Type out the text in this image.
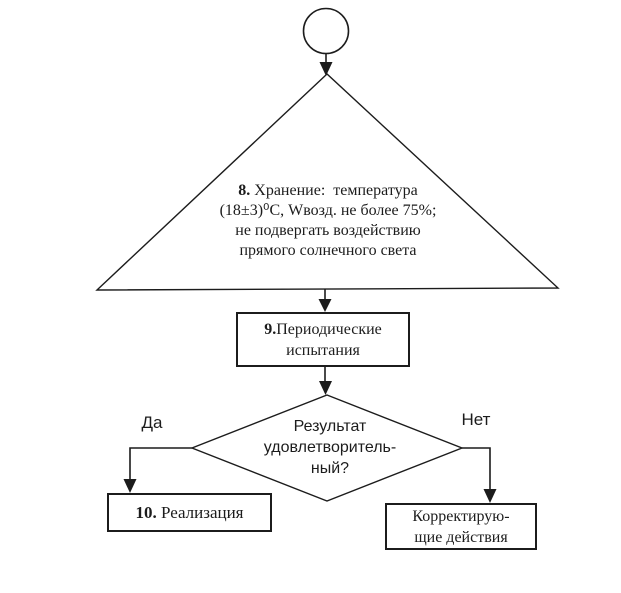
8. Хранение:  температура
(18±3)⁰С, Wвозд. не более 75%;
не подвергать воздействию
прямого солнечного света
9.Периодические
испытания
Результат
удовлетворитель-
ный?
Да	Нет
10. Реализация	Корректирую-
щие действия
